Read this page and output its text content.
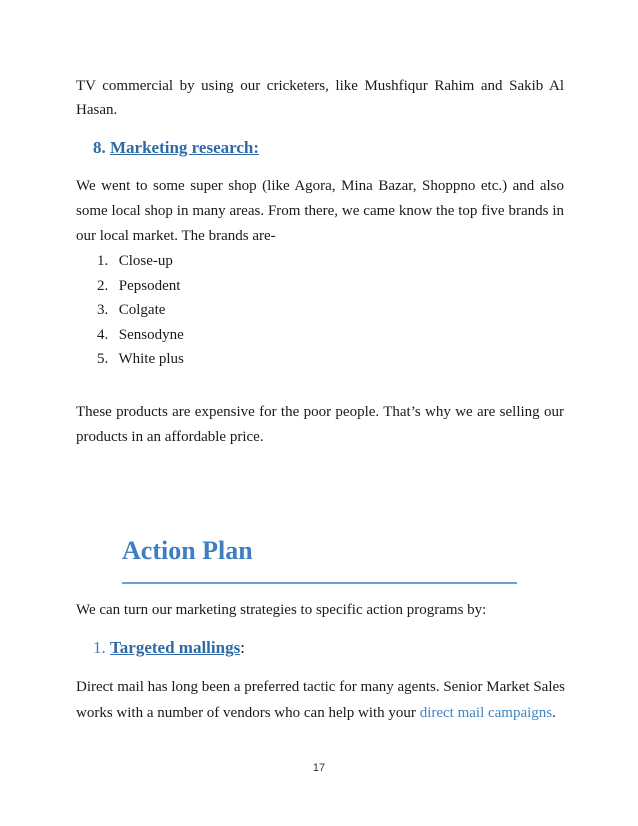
TV commercial by using our cricketers, like Mushfiqur Rahim and Sakib Al
Hasan.
8. Marketing research:
We went to some super shop (like Agora, Mina Bazar, Shoppno etc.) and also
some local shop in many areas. From there, we came know the top five brands in
our local market. The brands are-
1. Close-up
2. Pepsodent
3. Colgate
4. Sensodyne
5. White plus
These products are expensive for the poor people. That’s why we are selling our
products in an affordable price.
Action Plan
We can turn our marketing strategies to specific action programs by:
1. Targeted mallings:
Direct mail has long been a preferred tactic for many agents. Senior Market Sales
works with a number of vendors who can help with your direct mail campaigns.
17
